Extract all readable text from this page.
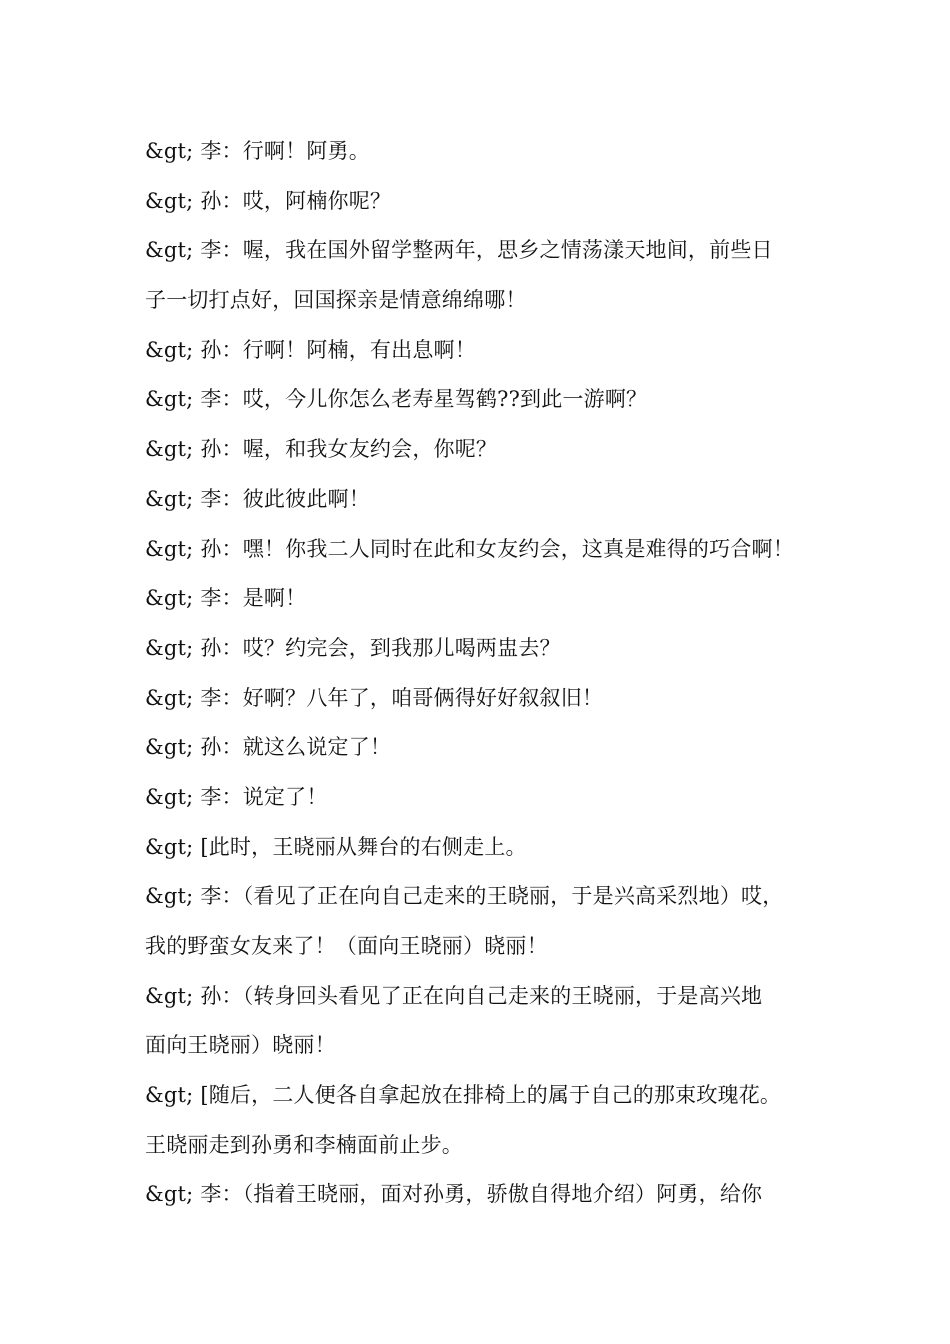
&gt; 李：行啊！阿勇。
&gt; 孙：哎，阿楠你呢？
&gt; 李：喔，我在国外留学整两年，思乡之情荡漾天地间，前些日
子一切打点好，回国探亲是情意绵绵哪！
&gt; 孙：行啊！阿楠，有出息啊！
&gt; 李：哎，今儿你怎么老寿星驾鹤??到此一游啊？
&gt; 孙：喔，和我女友约会，你呢？
&gt; 李：彼此彼此啊！
&gt; 孙：嘿！你我二人同时在此和女友约会，这真是难得的巧合啊！
&gt; 李：是啊！
&gt; 孙：哎？约完会，到我那儿喝两盅去？
&gt; 李：好啊？八年了，咱哥俩得好好叙叙旧！
&gt; 孙：就这么说定了！
&gt; 李：说定了！
&gt; [此时，王晓丽从舞台的右侧走上。
&gt; 李：（看见了正在向自己走来的王晓丽，于是兴高采烈地）哎，
我的野蛮女友来了！（面向王晓丽）晓丽！
&gt; 孙：（转身回头看见了正在向自己走来的王晓丽，于是高兴地
面向王晓丽）晓丽！
&gt; [随后，二人便各自拿起放在排椅上的属于自己的那束玫瑰花。
王晓丽走到孙勇和李楠面前止步。
&gt; 李：（指着王晓丽，面对孙勇，骄傲自得地介绍）阿勇，给你
